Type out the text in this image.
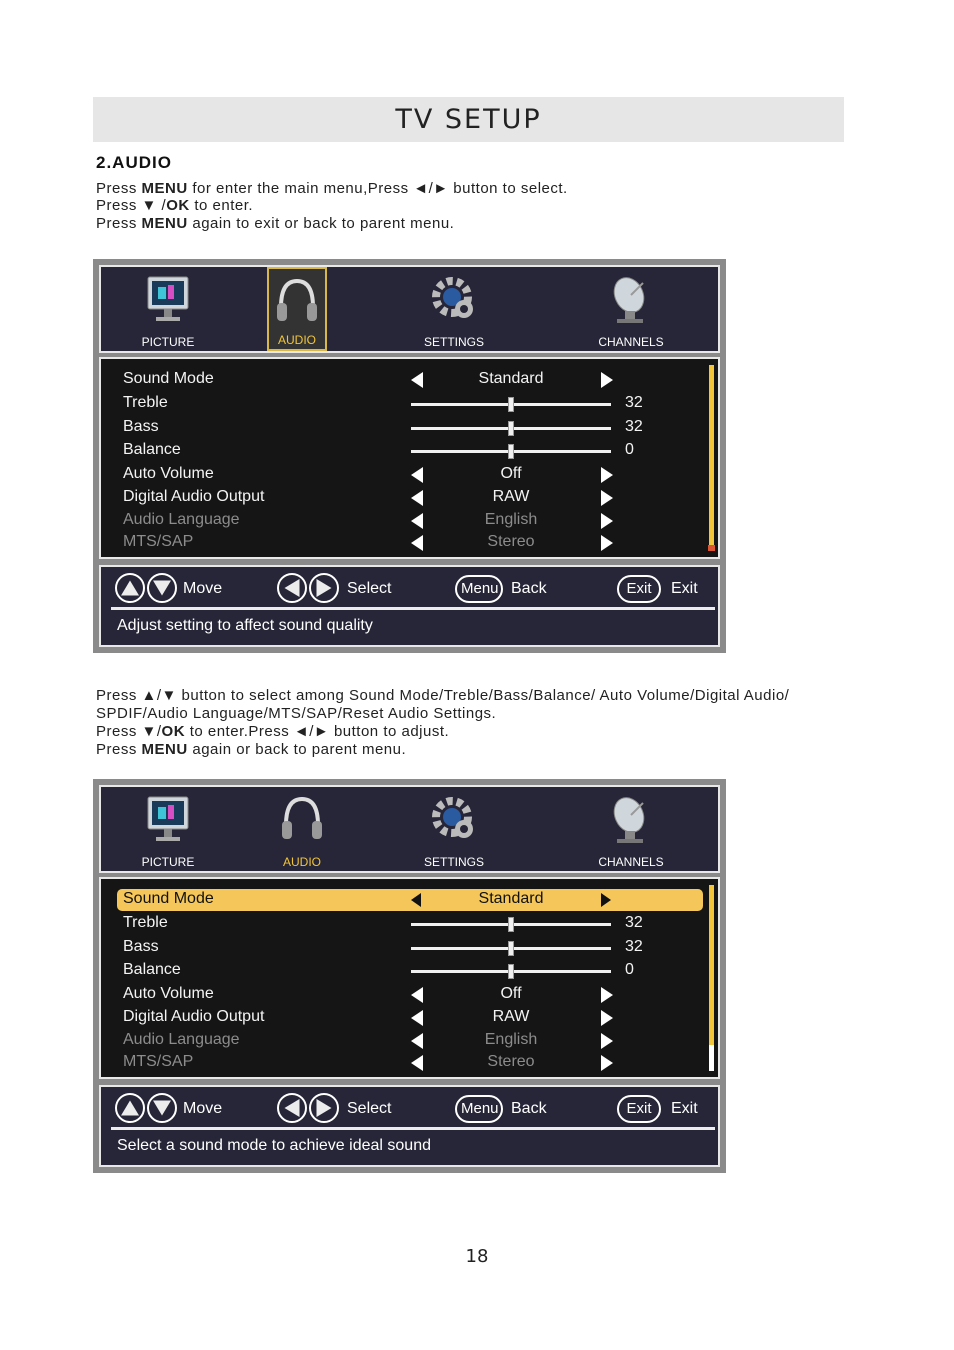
TV SETUP
2.AUDIO
Press MENU for enter the main menu,Press ◄/► button to select.
Press ▼ /OK to enter.
Press MENU again to exit or back to parent menu.
PICTURE	AUDIO	SETTINGS	CHANNELS
Sound Mode	Standard
Treble	32
Bass	32
Balance	0
Auto Volume	Off
Digital Audio Output	RAW
Audio Language	English
MTS/SAP	Stereo
Move	Select	Menu Back	Exit	Exit
Adjust setting to affect sound quality
Press ▲/▼ button to select among Sound Mode/Treble/Bass/Balance/ Auto Volume/Digital Audio/
SPDIF/Audio Language/MTS/SAP/Reset Audio Settings.
Press ▼/OK to enter.Press ◄/► button to adjust.
Press MENU again or back to parent menu.
PICTURE	AUDIO	SETTINGS	CHANNELS
Sound Mode	Standard
Treble	32
Bass	32
Balance	0
Auto Volume	Off
Digital Audio Output	RAW
Audio Language	English
MTS/SAP	Stereo
Move	Select	Menu Back	Exit	Exit
Select a sound mode to achieve ideal sound
18
